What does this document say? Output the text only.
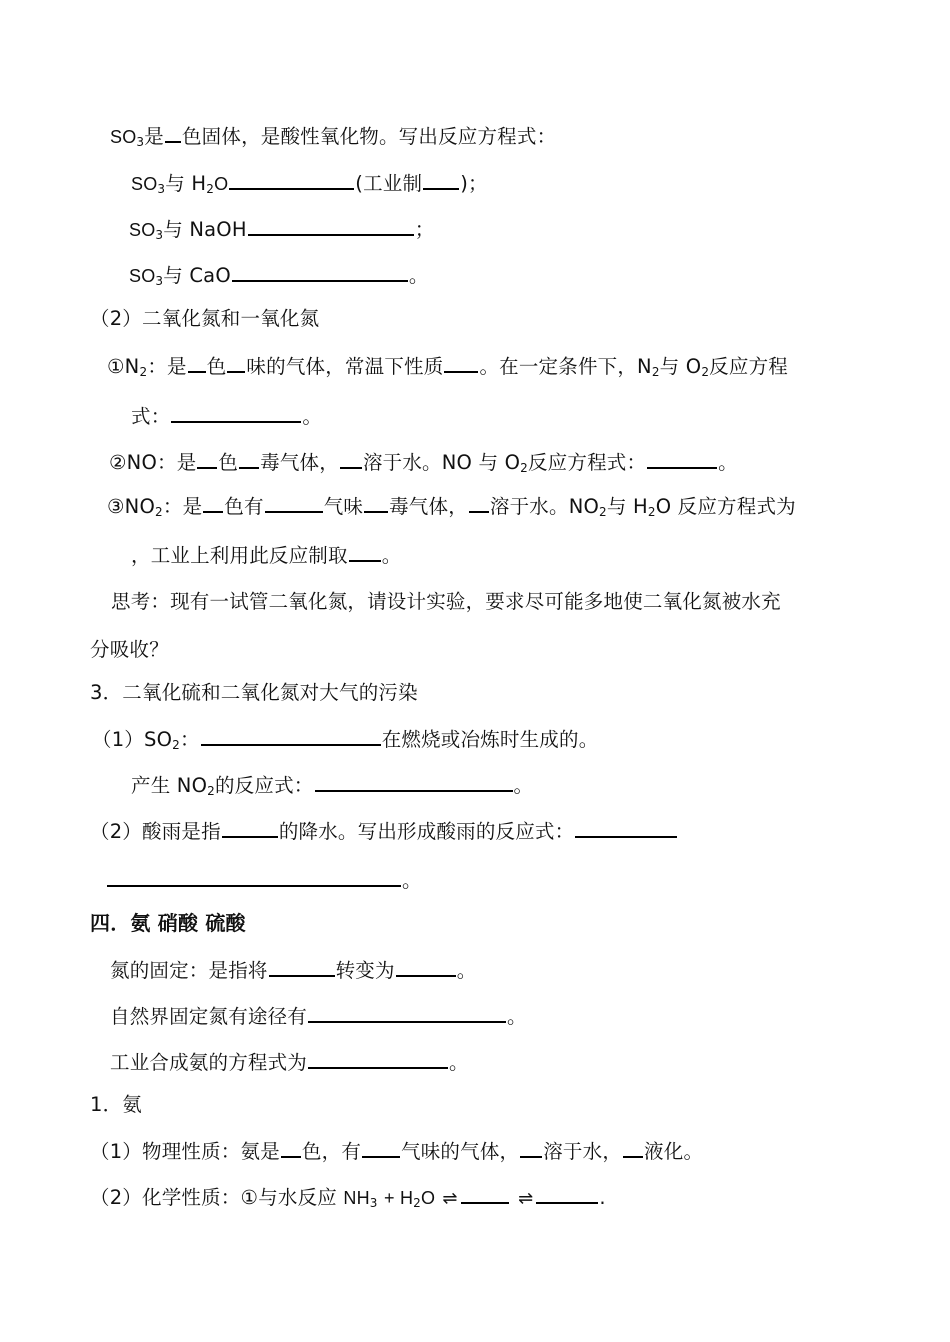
$SO_3$是 色固体，是酸性氧化物。写出反应方程式：
$SO_3$与 $H_2O$	(工业制 )；
$SO_3$与 NaOH	；
$SO_3$与 CaO	。
（2）二氧化氮和一氧化氮
$①N_2$：是 色 味的气体，常温下性质 。在一定条件下，$N_2$与 $O_2$反应方程
式：	。
②NO：是 色 毒气体， 溶于水。NO 与 $O_2$反应方程式：	。
$③NO_2$：是 色有	气味 毒气体， 溶于水。$NO_2$与 $H_2O$ 反应方程式为
，工业上利用此反应制取 。
思考：现有一试管二氧化氮，请设计实验，要求尽可能多地使二氧化氮被水充
分吸收？
3．二氧化硫和二氧化氮对大气的污染
$(1)SO_2$：	在燃烧或冶炼时生成的。
产生 $NO_2$的反应式：	。
（2）酸雨是指	的降水。写出形成酸雨的反应式：
。
四．氨 硝酸 硫酸
氮的固定：是指将	转变为	。
自然界固定氮有途径有	。
工业合成氨的方程式为	。
1．氨
（1）物理性质：氨是 色，有 气味的气体， 溶于水， 液化。
（2）化学性质：①与水反应 $NH_3 + H_2O$ ⇌	⇌	.
